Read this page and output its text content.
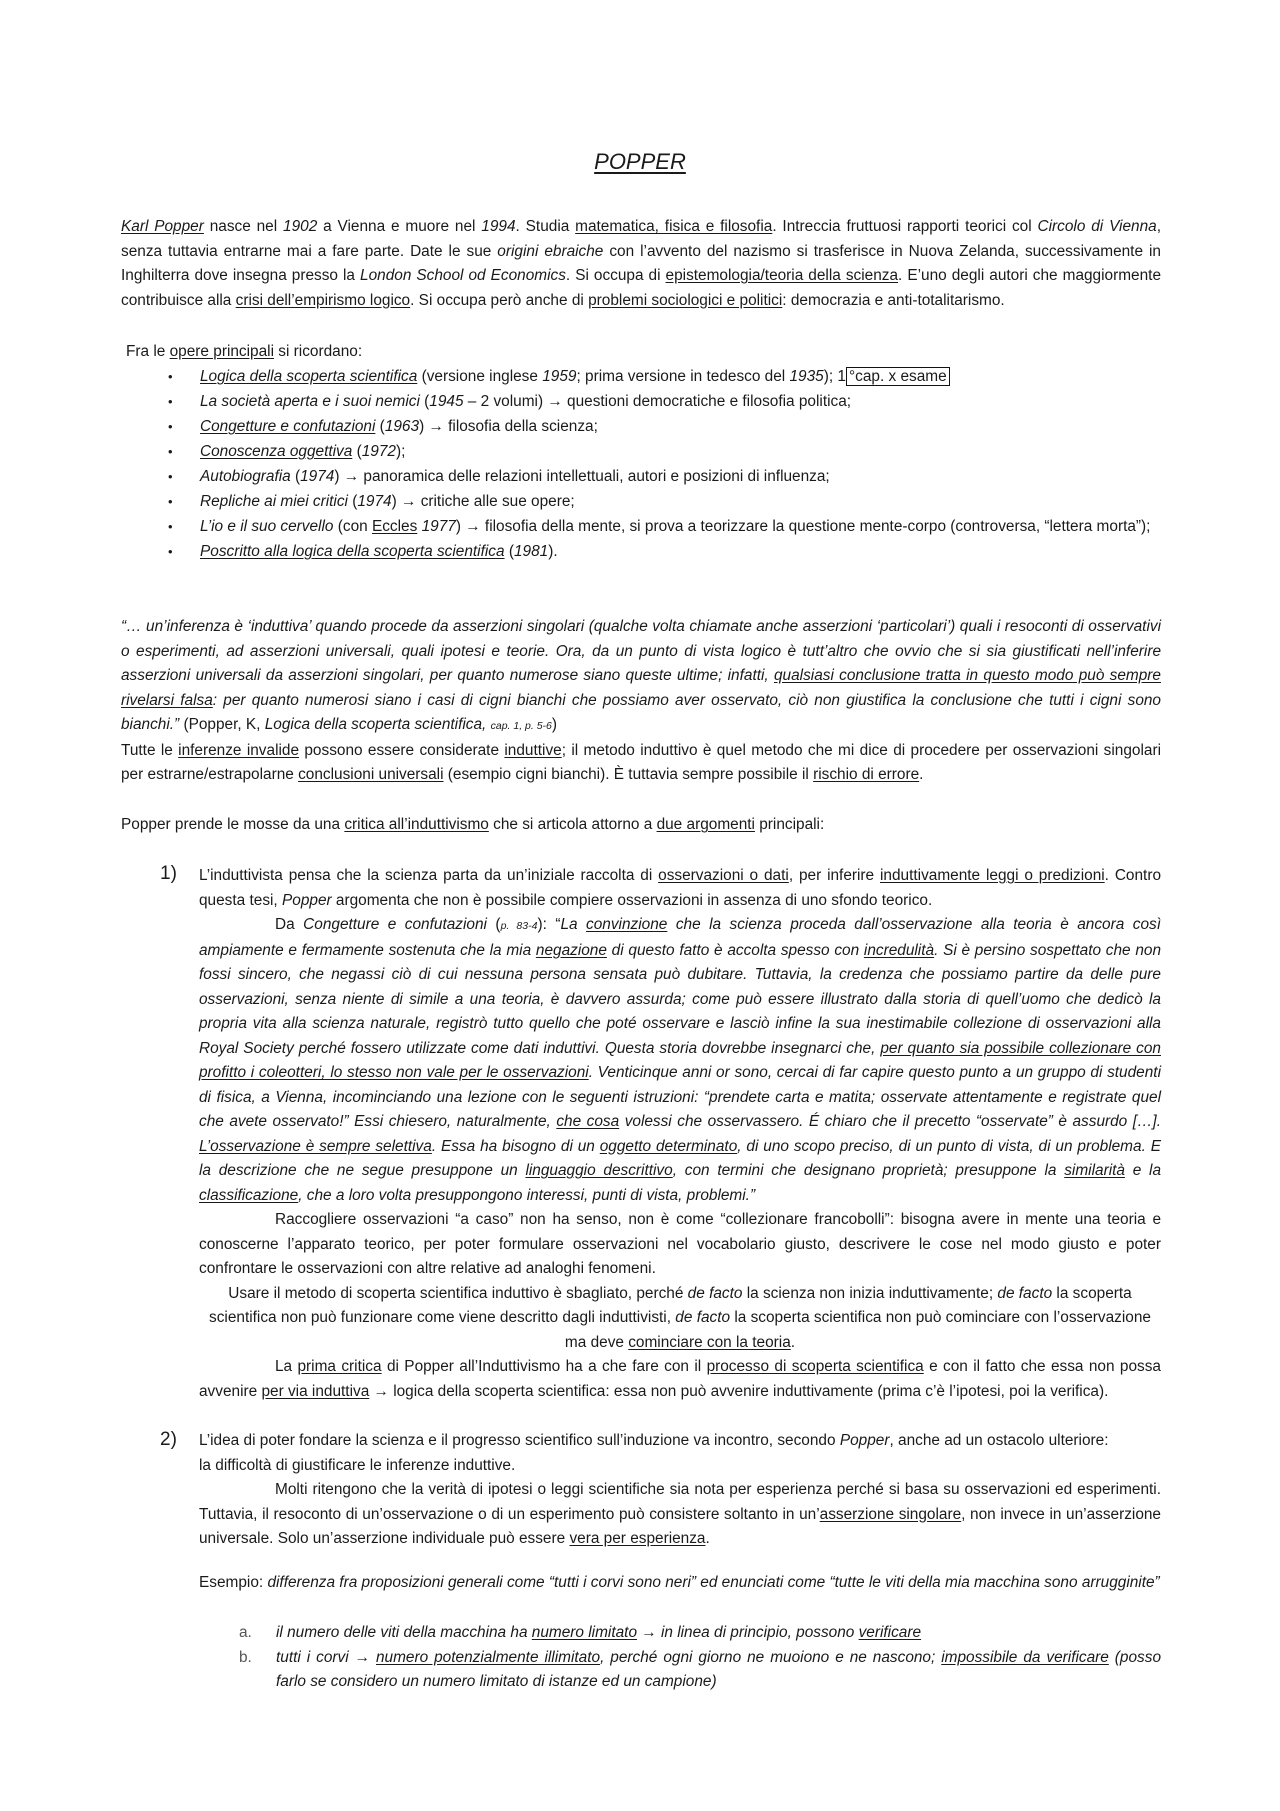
POPPER

Karl Popper nasce nel 1902 a Vienna e muore nel 1994. Studia matematica, fisica e filosofia. Intreccia fruttuosi rapporti teorici col Circolo di Vienna, senza tuttavia entrarne mai a fare parte. Date le sue origini ebraiche con l’avvento del nazismo si trasferisce in Nuova Zelanda, successivamente in Inghilterra dove insegna presso la London School od Economics. Si occupa di epistemologia/teoria della scienza. E’uno degli autori che maggiormente contribuisce alla crisi dell’empirismo logico. Si occupa però anche di problemi sociologici e politici: democrazia e anti-totalitarismo.

Fra le opere principali si ricordano:
• Logica della scoperta scientifica (versione inglese 1959; prima versione in tedesco del 1935); 1 °cap. x esame
• La società aperta e i suoi nemici (1945 – 2 volumi) → questioni democratiche e filosofia politica;
• Congetture e confutazioni (1963) → filosofia della scienza;
• Conoscenza oggettiva (1972);
• Autobiografia (1974) → panoramica delle relazioni intellettuali, autori e posizioni di influenza;
• Repliche ai miei critici (1974) → critiche alle sue opere;
• L’io e il suo cervello (con Eccles 1977) → filosofia della mente, si prova a teorizzare la questione mente-corpo (controversa, “lettera morta”);
• Poscritto alla logica della scoperta scientifica (1981).

“… un’inferenza è ‘induttiva’ quando procede da asserzioni singolari (qualche volta chiamate anche asserzioni ‘particolari’) quali i resoconti di osservativi o esperimenti, ad asserzioni universali, quali ipotesi e teorie. Ora, da un punto di vista logico è tutt’altro che ovvio che si sia giustificati nell’inferire asserzioni universali da asserzioni singolari, per quanto numerose siano queste ultime; infatti, qualsiasi conclusione tratta in questo modo può sempre rivelarsi falsa: per quanto numerosi siano i casi di cigni bianchi che possiamo aver osservato, ciò non giustifica la conclusione che tutti i cigni sono bianchi.” (Popper, K, Logica della scoperta scientifica, cap. 1, p. 5-6)

Tutte le inferenze invalide possono essere considerate induttive; il metodo induttivo è quel metodo che mi dice di procedere per osservazioni singolari per estrarne/estrapolarne conclusioni universali (esempio cigni bianchi). È tuttavia sempre possibile il rischio di errore.

Popper prende le mosse da una critica all’induttivismo che si articola attorno a due argomenti principali:

1) L’induttivista pensa che la scienza parta da un’iniziale raccolta di osservazioni o dati, per inferire induttivamente leggi o predizioni. Contro questa tesi, Popper argomenta che non è possibile compiere osservazioni in assenza di uno sfondo teorico.

Da Congetture e confutazioni (p. 83-4): “La convinzione che la scienza proceda dall’osservazione alla teoria è ancora così ampiamente e fermamente sostenuta che la mia negazione di questo fatto è accolta spesso con incredulità. Si è persino sospettato che non fossi sincero, che negassi ciò di cui nessuna persona sensata può dubitare. Tuttavia, la credenza che possiamo partire da delle pure osservazioni, senza niente di simile a una teoria, è davvero assurda; come può essere illustrato dalla storia di quell’uomo che dedicò la propria vita alla scienza naturale, registrò tutto quello che poté osservare e lasciò infine la sua inestimabile collezione di osservazioni alla Royal Society perché fossero utilizzate come dati induttivi. Questa storia dovrebbe insegnarci che, per quanto sia possibile collezionare con profitto i coleotteri, lo stesso non vale per le osservazioni. Venticinque anni or sono, cercai di far capire questo punto a un gruppo di studenti di fisica, a Vienna, incominciando una lezione con le seguenti istruzioni: “prendete carta e matita; osservate attentamente e registrate quel che avete osservato!” Essi chiesero, naturalmente, che cosa volessi che osservassero. É chiaro che il precetto “osservate” è assurdo […]. L’osservazione è sempre selettiva. Essa ha bisogno di un oggetto determinato, di uno scopo preciso, di un punto di vista, di un problema. E la descrizione che ne segue presuppone un linguaggio descrittivo, con termini che designano proprietà; presuppone la similarità e la classificazione, che a loro volta presuppongono interessi, punti di vista, problemi.”

Raccogliere osservazioni “a caso” non ha senso, non è come “collezionare francobolli”: bisogna avere in mente una teoria e conoscerne l’apparato teorico, per poter formulare osservazioni nel vocabolario giusto, descrivere le cose nel modo giusto e poter confrontare le osservazioni con altre relative ad analoghi fenomeni.

Usare il metodo di scoperta scientifica induttivo è sbagliato, perché de facto la scienza non inizia induttivamente; de facto la scoperta scientifica non può funzionare come viene descritto dagli induttivisti, de facto la scoperta scientifica non può cominciare con l’osservazione ma deve cominciare con la teoria.

La prima critica di Popper all’Induttivismo ha a che fare con il processo di scoperta scientifica e con il fatto che essa non possa avvenire per via induttiva → logica della scoperta scientifica: essa non può avvenire induttivamente (prima c’è l’ipotesi, poi la verifica).

2) L’idea di poter fondare la scienza e il progresso scientifico sull’induzione va incontro, secondo Popper, anche ad un ostacolo ulteriore:
la difficoltà di giustificare le inferenze induttive.

Molti ritengono che la verità di ipotesi o leggi scientifiche sia nota per esperienza perché si basa su osservazioni ed esperimenti. Tuttavia, il resoconto di un’osservazione o di un esperimento può consistere soltanto in un’asserzione singolare, non invece in un’asserzione universale. Solo un’asserzione individuale può essere vera per esperienza.

Esempio: differenza fra proposizioni generali come “tutti i corvi sono neri” ed enunciati come “tutte le viti della mia macchina sono arrugginite”

a. il numero delle viti della macchina ha numero limitato → in linea di principio, possono verificare
b. tutti i corvi → numero potenzialmente illimitato, perché ogni giorno ne muoiono e ne nascono; impossibile da verificare (posso farlo se considero un numero limitato di istanze ed un campione)
